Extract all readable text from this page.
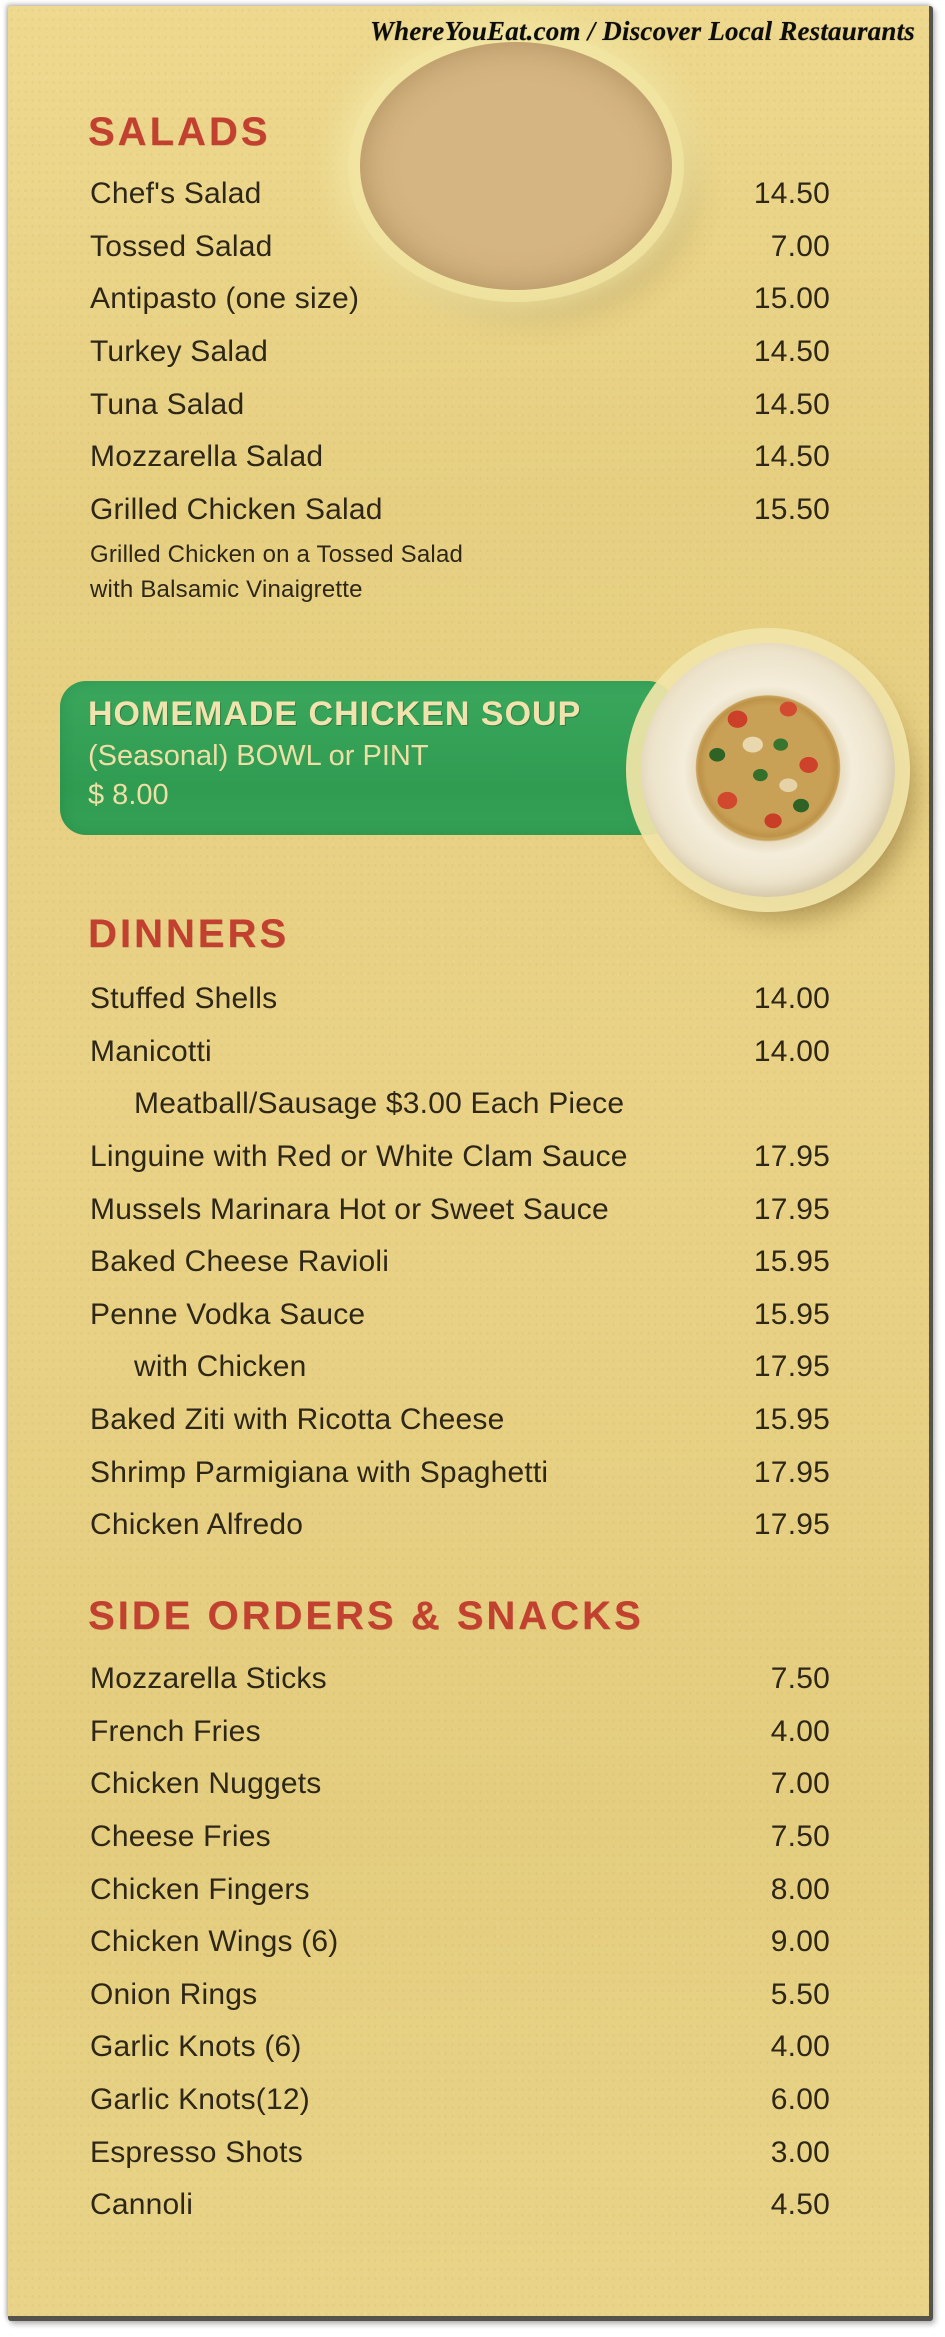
WhereYouEat.com / Discover Local Restaurants
SALADS
Chef's Salad	14.50
Tossed Salad	7.00
Antipasto (one size)	15.00
Turkey Salad	14.50
Tuna Salad	14.50
Mozzarella Salad	14.50
Grilled Chicken Salad	15.50
Grilled Chicken on a Tossed Salad
with Balsamic Vinaigrette
HOMEMADE CHICKEN SOUP
(Seasonal) BOWL or PINT
$ 8.00
DINNERS
Stuffed Shells	14.00
Manicotti	14.00
Meatball/Sausage $3.00 Each Piece
Linguine with Red or White Clam Sauce	17.95
Mussels Marinara Hot or Sweet Sauce	17.95
Baked Cheese Ravioli	15.95
Penne Vodka Sauce	15.95
with Chicken	17.95
Baked Ziti with Ricotta Cheese	15.95
Shrimp Parmigiana with Spaghetti	17.95
Chicken Alfredo	17.95
SIDE ORDERS & SNACKS
Mozzarella Sticks	7.50
French Fries	4.00
Chicken Nuggets	7.00
Cheese Fries	7.50
Chicken Fingers	8.00
Chicken Wings (6)	9.00
Onion Rings	5.50
Garlic Knots (6)	4.00
Garlic Knots(12)	6.00
Espresso Shots	3.00
Cannoli	4.50
